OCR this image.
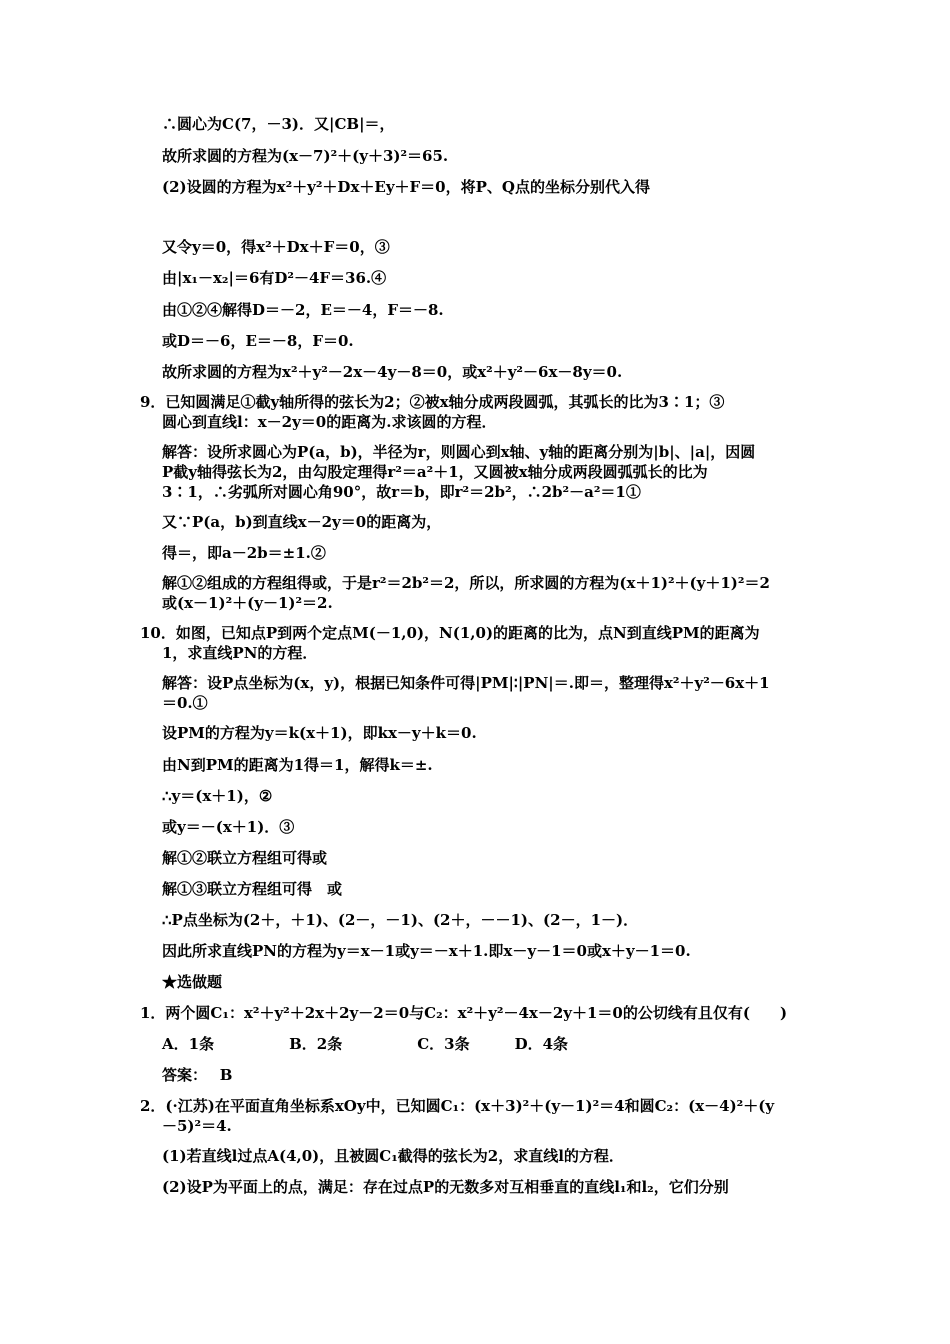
∴圆心为C(7，－3)．又|CB|＝，
故所求圆的方程为(x－7)²＋(y＋3)²＝65.
(2)设圆的方程为x²＋y²＋Dx＋Ey＋F＝0，将P、Q点的坐标分别代入得
又令y＝0，得x²＋Dx＋F＝0，③
由|x₁－x₂|＝6有D²－4F＝36.④
由①②④解得D＝－2，E＝－4，F＝－8.
或D＝－6，E＝－8，F＝0.
故所求圆的方程为x²＋y²－2x－4y－8＝0，或x²＋y²－6x－8y＝0.
9．已知圆满足①截y轴所得的弦长为2；②被x轴分成两段圆弧，其弧长的比为3∶1；③
圆心到直线l：x－2y＝0的距离为.求该圆的方程．
解答：设所求圆心为P(a，b)，半径为r，则圆心到x轴、y轴的距离分别为|b|、|a|，因圆
P截y轴得弦长为2，由勾股定理得r²＝a²＋1，又圆被x轴分成两段圆弧弧长的比为
3∶1，∴劣弧所对圆心角90°，故r＝b，即r²＝2b²，∴2b²－a²＝1①
又∵P(a，b)到直线x－2y＝0的距离为，
得＝，即a－2b＝±1.②
解①②组成的方程组得或，于是r²＝2b²＝2，所以，所求圆的方程为(x＋1)²＋(y＋1)²＝2
或(x－1)²＋(y－1)²＝2.
10．如图，已知点P到两个定点M(－1,0)，N(1,0)的距离的比为，点N到直线PM的距离为
1，求直线PN的方程．
解答：设P点坐标为(x，y)，根据已知条件可得|PM|∶|PN|＝.即＝，整理得x²＋y²－6x＋1
＝0.①
设PM的方程为y＝k(x＋1)，即kx－y＋k＝0.
由N到PM的距离为1得＝1，解得k＝±.
∴y＝(x＋1)，②
或y＝－(x＋1)．③
解①②联立方程组可得或
解①③联立方程组可得　或
∴P点坐标为(2＋，＋1)、(2－，－1)、(2＋，－－1)、(2－，1－)．
因此所求直线PN的方程为y＝x－1或y＝－x＋1.即x－y－1＝0或x＋y－1＝0.
★选做题
1．两个圆C₁：x²＋y²＋2x＋2y－2＝0与C₂：x²＋y²－4x－2y＋1＝0的公切线有且仅有(　　)
A．1条　　　　　B．2条　　　　　C．3条　　　D．4条
答案：　 B
2．(·江苏)在平面直角坐标系xOy中，已知圆C₁：(x＋3)²＋(y－1)²＝4和圆C₂：(x－4)²＋(y
－5)²＝4.
(1)若直线l过点A(4,0)，且被圆C₁截得的弦长为2，求直线l的方程．
(2)设P为平面上的点，满足：存在过点P的无数多对互相垂直的直线l₁和l₂，它们分别
